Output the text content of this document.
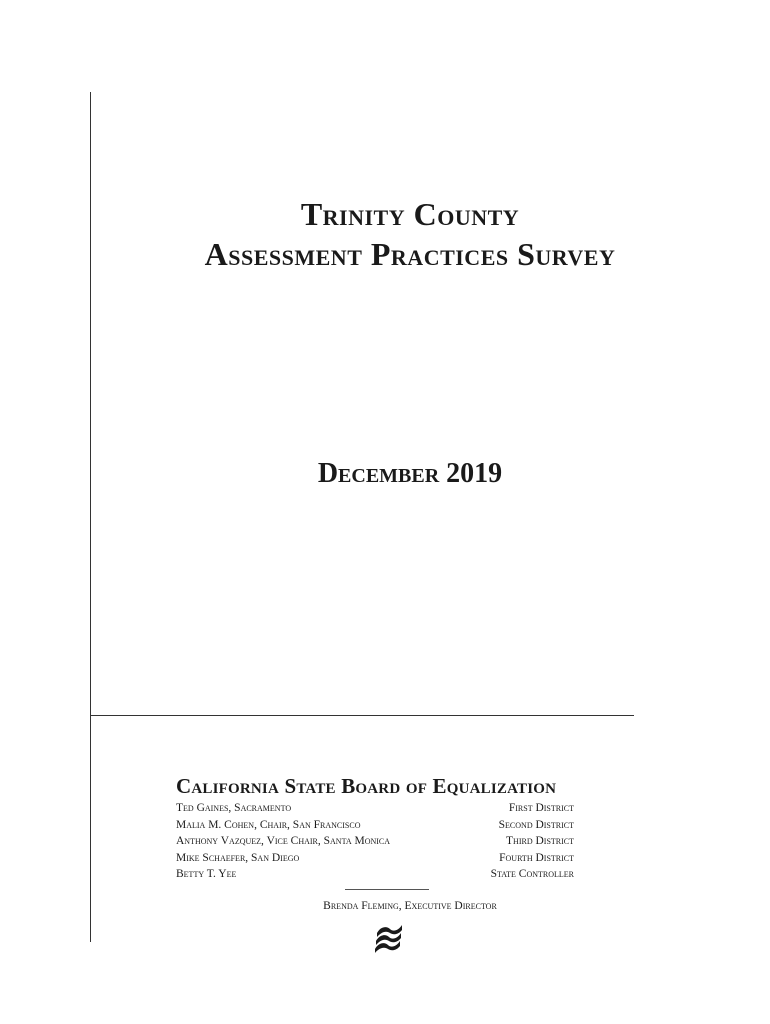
Trinity County
Assessment Practices Survey
December 2019
California State Board of Equalization
Ted Gaines, Sacramento	First District
Malia M. Cohen, Chair, San Francisco	Second District
Anthony Vazquez, Vice Chair, Santa Monica	Third District
Mike Schaefer, San Diego	Fourth District
Betty T. Yee	State Controller

Brenda Fleming, Executive Director
